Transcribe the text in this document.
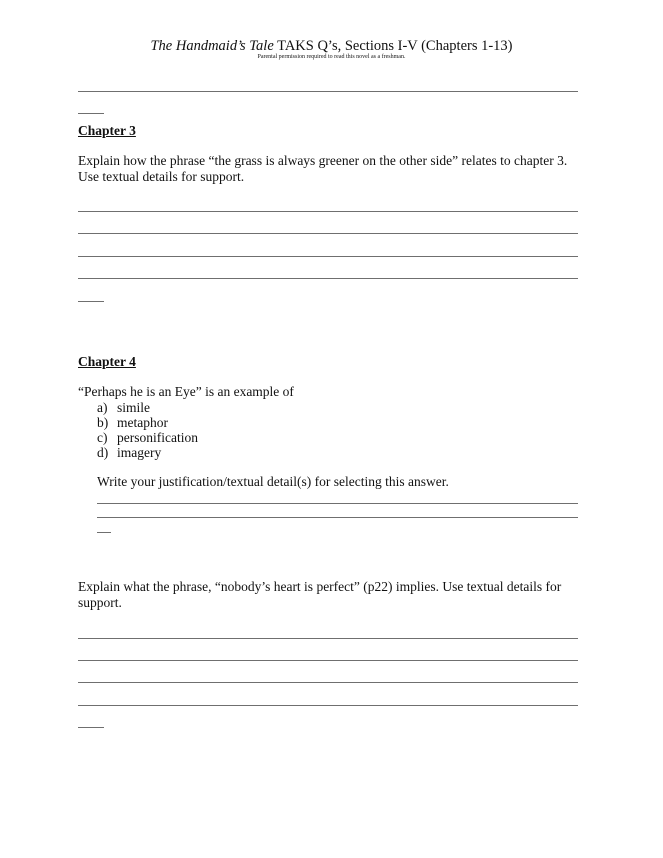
The Handmaid’s Tale TAKS Q’s, Sections I-V (Chapters 1-13)
Parental permission required to read this novel as a freshman.
Chapter 3
Explain how the phrase “the grass is always greener on the other side” relates to chapter 3. Use textual details for support.
Chapter 4
“Perhaps he is an Eye” is an example of
a) simile
b) metaphor
c) personification
d) imagery
Write your justification/textual detail(s) for selecting this answer.
Explain what the phrase, “nobody’s heart is perfect” (p22) implies. Use textual details for support.
